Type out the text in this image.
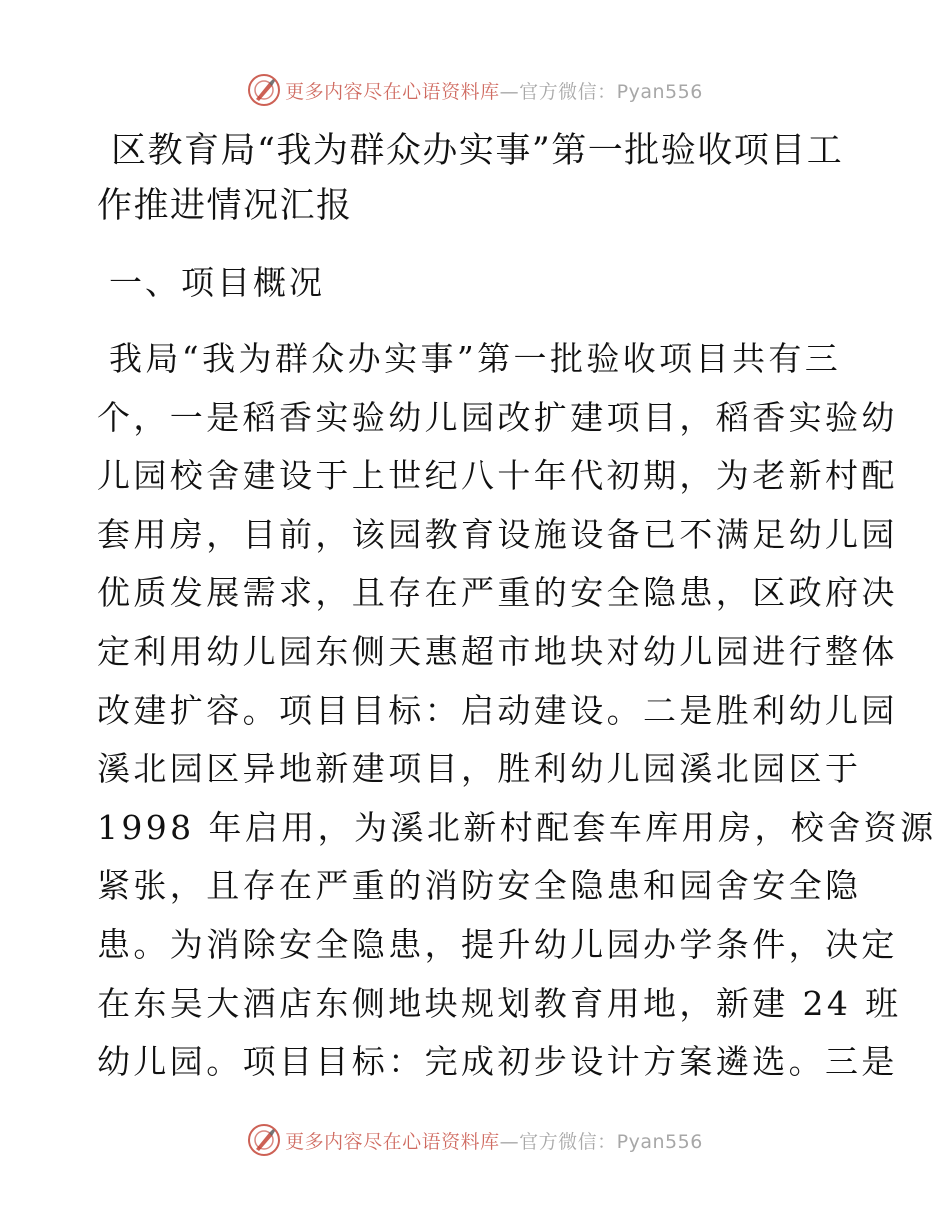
更多内容尽在心语资料库—官方微信：Pyan556
区教育局“我为群众办实事”第一批验收项目工
作推进情况汇报
一、项目概况

我局“我为群众办实事”第一批验收项目共有三
个，一是稻香实验幼儿园改扩建项目，稻香实验幼
儿园校舍建设于上世纪八十年代初期，为老新村配
套用房，目前，该园教育设施设备已不满足幼儿园
优质发展需求，且存在严重的安全隐患，区政府决
定利用幼儿园东侧天惠超市地块对幼儿园进行整体
改建扩容。项目目标：启动建设。二是胜利幼儿园
溪北园区异地新建项目，胜利幼儿园溪北园区于
1998 年启用，为溪北新村配套车库用房，校舍资源
紧张，且存在严重的消防安全隐患和园舍安全隐
患。为消除安全隐患，提升幼儿园办学条件，决定
在东吴大酒店东侧地块规划教育用地，新建 24 班
幼儿园。项目目标：完成初步设计方案遴选。三是

更多内容尽在心语资料库—官方微信：Pyan556
